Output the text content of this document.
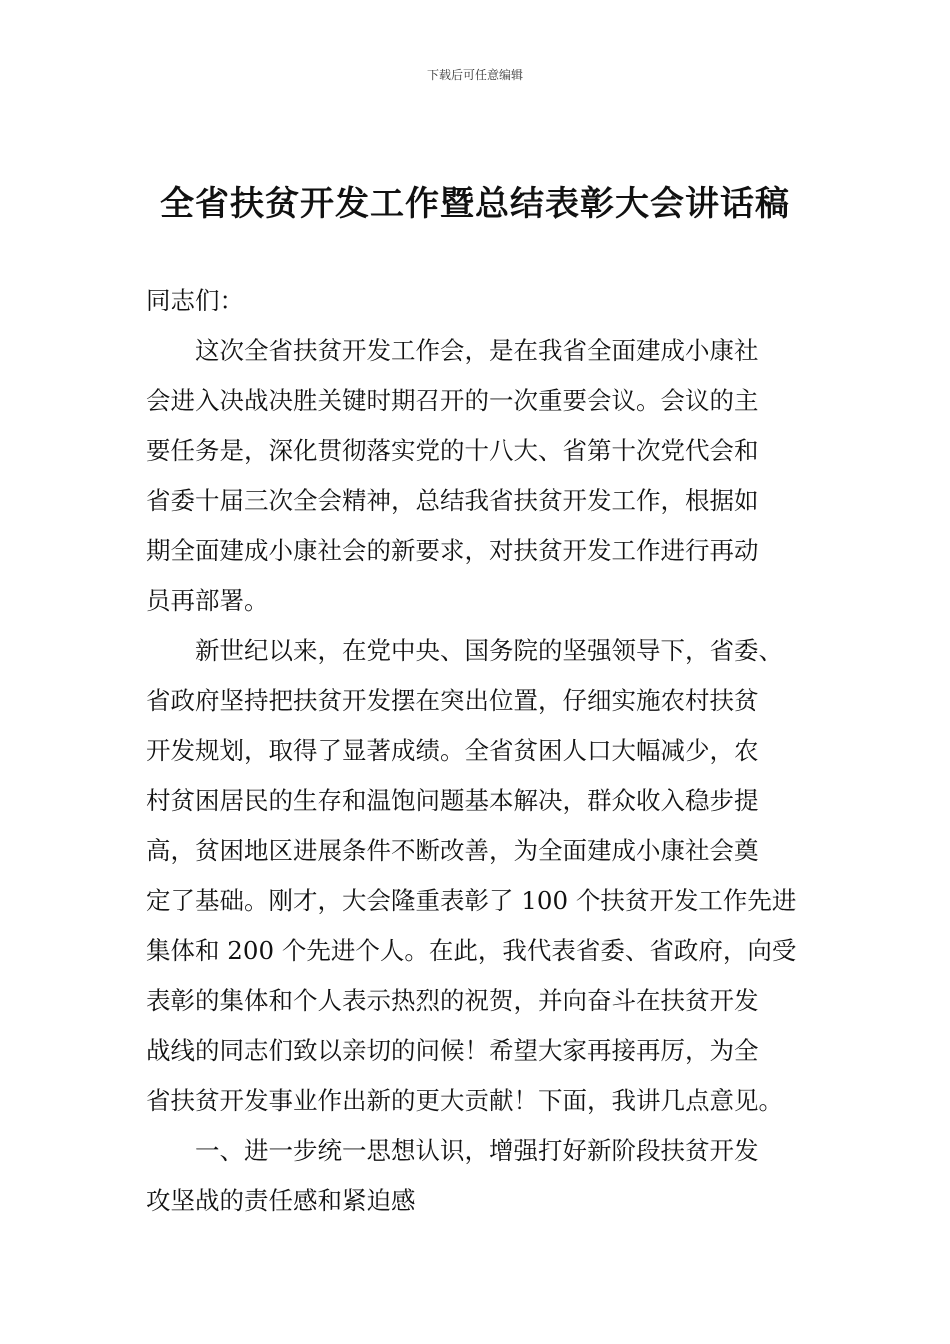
下载后可任意编辑
全省扶贫开发工作暨总结表彰大会讲话稿
同志们：
这次全省扶贫开发工作会，是在我省全面建成小康社
会进入决战决胜关键时期召开的一次重要会议。会议的主
要任务是，深化贯彻落实党的十八大、省第十次党代会和
省委十届三次全会精神，总结我省扶贫开发工作，根据如
期全面建成小康社会的新要求，对扶贫开发工作进行再动
员再部署。
新世纪以来，在党中央、国务院的坚强领导下，省委、
省政府坚持把扶贫开发摆在突出位置，仔细实施农村扶贫
开发规划，取得了显著成绩。全省贫困人口大幅减少，农
村贫困居民的生存和温饱问题基本解决，群众收入稳步提
高，贫困地区进展条件不断改善，为全面建成小康社会奠
定了基础。刚才，大会隆重表彰了 100 个扶贫开发工作先进
集体和 200 个先进个人。在此，我代表省委、省政府，向受
表彰的集体和个人表示热烈的祝贺，并向奋斗在扶贫开发
战线的同志们致以亲切的问候！希望大家再接再厉，为全
省扶贫开发事业作出新的更大贡献！下面，我讲几点意见。
一、进一步统一思想认识，增强打好新阶段扶贫开发
攻坚战的责任感和紧迫感
